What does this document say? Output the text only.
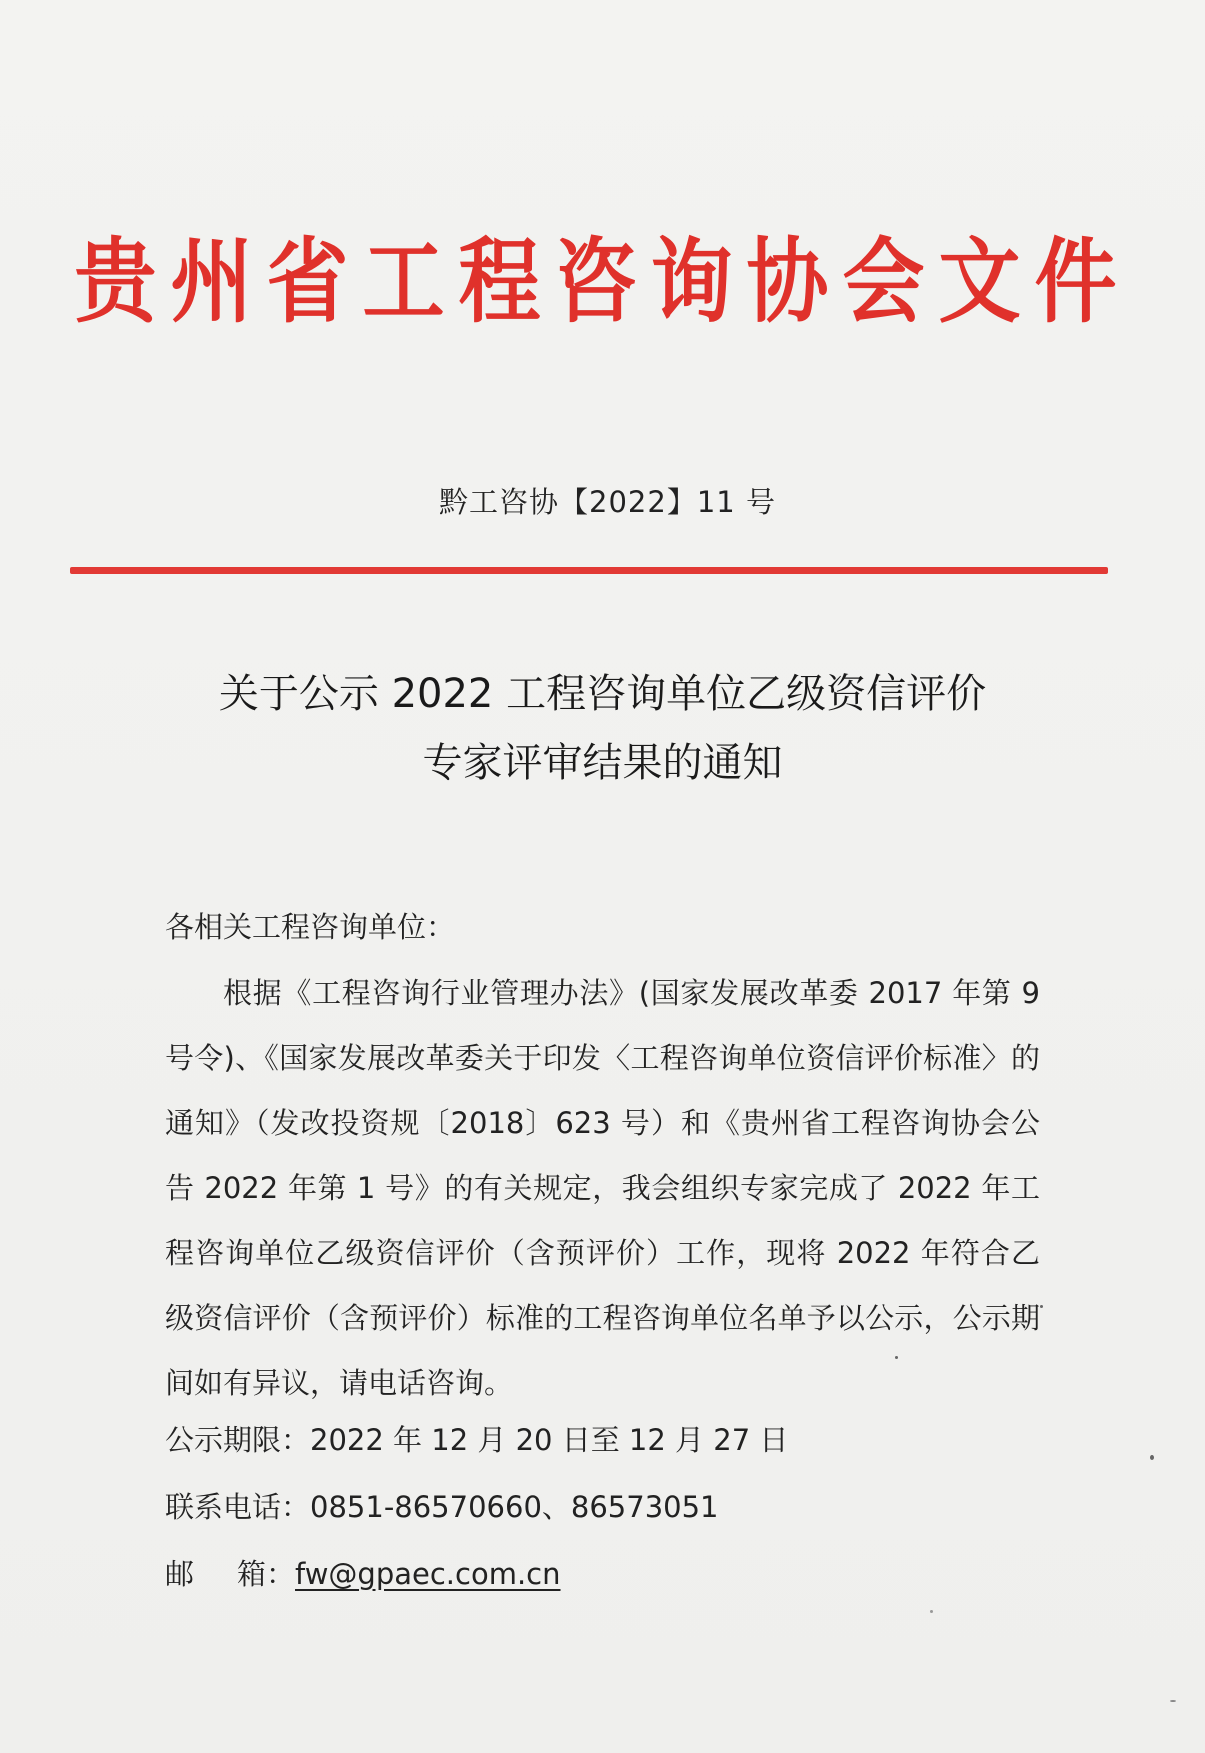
贵州省工程咨询协会文件
黔工咨协【2022】11 号
关于公示 2022 工程咨询单位乙级资信评价
专家评审结果的通知
各相关工程咨询单位：
根据《工程咨询行业管理办法》(国家发展改革委 2017 年第 9 号令)、《国家发展改革委关于印发〈工程咨询单位资信评价标准〉的通知》（发改投资规〔2018〕623 号）和《贵州省工程咨询协会公告 2022 年第 1 号》的有关规定，我会组织专家完成了 2022 年工程咨询单位乙级资信评价（含预评价）工作，现将 2022 年符合乙级资信评价（含预评价）标准的工程咨询单位名单予以公示，公示期间如有异议，请电话咨询。
公示期限：2022 年 12 月 20 日至 12 月 27 日
联系电话：0851-86570660、86573051
邮 箱：fw@gpaec.com.cn
